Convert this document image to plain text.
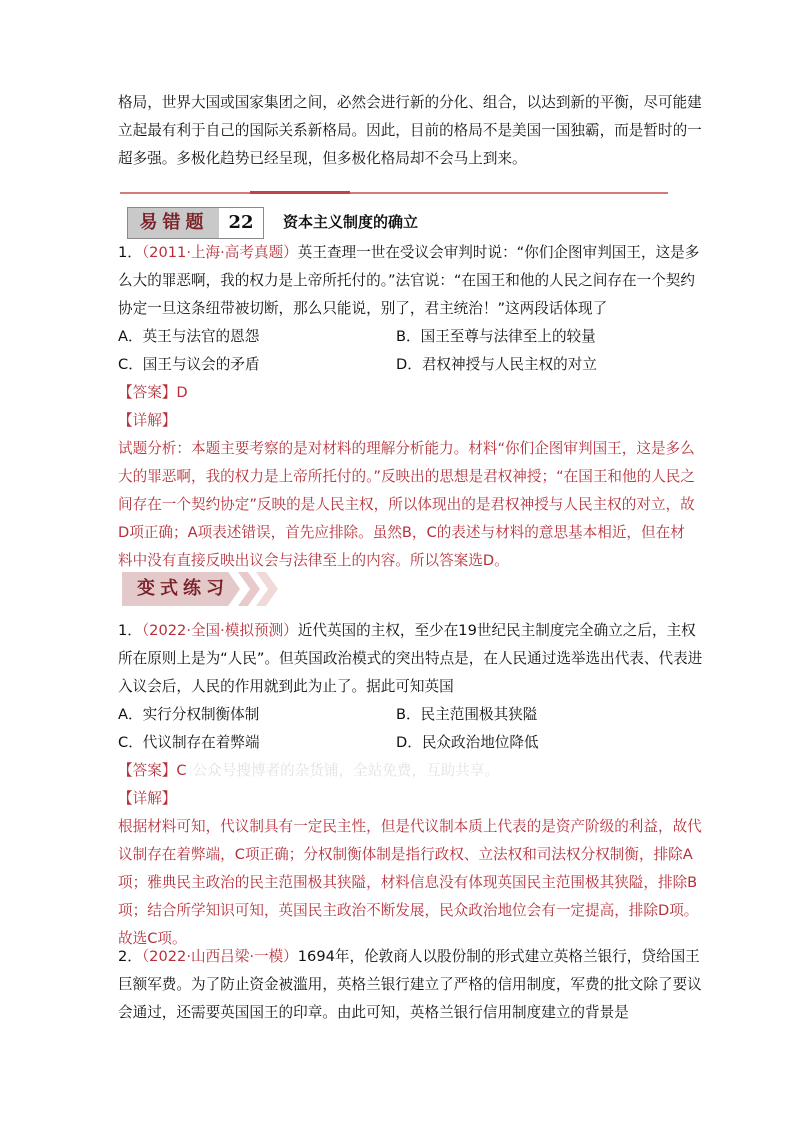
格局，世界大国或国家集团之间，必然会进行新的分化、组合，以达到新的平衡，尽可能建

立起最有利于自己的国际关系新格局。因此，目前的格局不是美国一国独霸，而是暂时的一

超多强。多极化趋势已经呈现，但多极化格局却不会马上到来。

易错题	22	资本主义制度的确立

1．（2011·上海·高考真题）英王查理一世在受议会审判时说：“你们企图审判国王，这是多

么大的罪恶啊，我的权力是上帝所托付的。”法官说：“在国王和他的人民之间存在一个契约

协定一旦这条纽带被切断，那么只能说，别了，君主统治！”这两段话体现了

A．英王与法官的恩怨	B．国王至尊与法律至上的较量
C．国王与议会的矛盾	D．君权神授与人民主权的对立

【答案】D

【详解】

试题分析：本题主要考察的是对材料的理解分析能力。材料“你们企图审判国王，这是多么

大的罪恶啊，我的权力是上帝所托付的。”反映出的思想是君权神授；“在国王和他的人民之

间存在一个契约协定”反映的是人民主权，所以体现出的是君权神授与人民主权的对立，故

D项正确；A项表述错误，首先应排除。虽然B，C的表述与材料的意思基本相近，但在材

料中没有直接反映出议会与法律至上的内容。所以答案选D。

变式练习

1．（2022·全国·模拟预测）近代英国的主权，至少在19世纪民主制度完全确立之后，主权

所在原则上是为“人民”。但英国政治模式的突出特点是，在人民通过选举选出代表、代表进

入议会后，人民的作用就到此为止了。据此可知英国

A．实行分权制衡体制	B．民主范围极其狭隘
C．代议制存在着弊端	D．民众政治地位降低

【答案】C 公众号搜博者的杂货铺，全站免费，互助共享。

【详解】

根据材料可知，代议制具有一定民主性，但是代议制本质上代表的是资产阶级的利益，故代

议制存在着弊端，C项正确；分权制衡体制是指行政权、立法权和司法权分权制衡，排除A

项；雅典民主政治的民主范围极其狭隘，材料信息没有体现英国民主范围极其狭隘，排除B

项；结合所学知识可知，英国民主政治不断发展，民众政治地位会有一定提高，排除D项。

故选C项。

2．（2022·山西吕梁·一模）1694年，伦敦商人以股份制的形式建立英格兰银行，贷给国王

巨额军费。为了防止资金被滥用，英格兰银行建立了严格的信用制度，军费的批文除了要议

会通过，还需要英国国王的印章。由此可知，英格兰银行信用制度建立的背景是
